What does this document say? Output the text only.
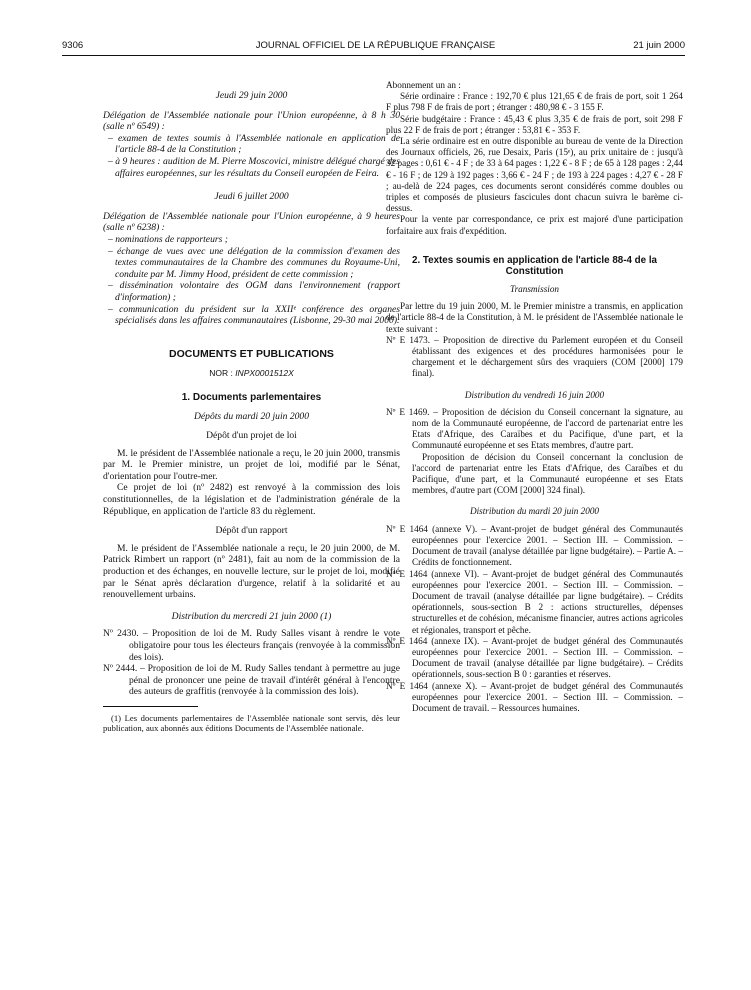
9306	JOURNAL OFFICIEL DE LA RÉPUBLIQUE FRANÇAISE	21 juin 2000

Jeudi 29 juin 2000

Délégation de l'Assemblée nationale pour l'Union européenne, à 8 h 30 (salle nº 6549) :

– examen de textes soumis à l'Assemblée nationale en application de l'article 88-4 de la Constitution ;

– à 9 heures : audition de M. Pierre Moscovici, ministre délégué chargé des affaires européennes, sur les résultats du Conseil européen de Feira.

Jeudi 6 juillet 2000

Délégation de l'Assemblée nationale pour l'Union européenne, à 9 heures (salle nº 6238) :

– nominations de rapporteurs ;

– échange de vues avec une délégation de la commission d'examen des textes communautaires de la Chambre des communes du Royaume-Uni, conduite par M. Jimmy Hood, président de cette commission ;

– dissémination volontaire des OGM dans l'environnement (rapport d'information) ;

– communication du président sur la XXIIᵉ conférence des organes spécialisés dans les affaires communautaires (Lisbonne, 29-30 mai 2000).

DOCUMENTS ET PUBLICATIONS

NOR : INPX0001512X

1. Documents parlementaires

Dépôts du mardi 20 juin 2000

Dépôt d'un projet de loi

M. le président de l'Assemblée nationale a reçu, le 20 juin 2000, transmis par M. le Premier ministre, un projet de loi, modifié par le Sénat, d'orientation pour l'outre-mer.

Ce projet de loi (nº 2482) est renvoyé à la commission des lois constitutionnelles, de la législation et de l'administration générale de la République, en application de l'article 83 du règlement.

Dépôt d'un rapport

M. le président de l'Assemblée nationale a reçu, le 20 juin 2000, de M. Patrick Rimbert un rapport (nº 2481), fait au nom de la commission de la production et des échanges, en nouvelle lecture, sur le projet de loi, modifié par le Sénat après déclaration d'urgence, relatif à la solidarité et au renouvellement urbains.

Distribution du mercredi 21 juin 2000 (1)

Nº 2430. – Proposition de loi de M. Rudy Salles visant à rendre le vote obligatoire pour tous les électeurs français (renvoyée à la commission des lois).

Nº 2444. – Proposition de loi de M. Rudy Salles tendant à permettre au juge pénal de prononcer une peine de travail d'intérêt général à l'encontre des auteurs de graffitis (renvoyée à la commission des lois).

(1) Les documents parlementaires de l'Assemblée nationale sont servis, dès leur publication, aux abonnés aux éditions Documents de l'Assemblée nationale.

Abonnement un an :

Série ordinaire : France : 192,70 € plus 121,65 € de frais de port, soit 1 264 F plus 798 F de frais de port ; étranger : 480,98 € - 3 155 F.

Série budgétaire : France : 45,43 € plus 3,35 € de frais de port, soit 298 F plus 22 F de frais de port ; étranger : 53,81 € - 353 F.

La série ordinaire est en outre disponible au bureau de vente de la Direction des Journaux officiels, 26, rue Desaix, Paris (15ᵉ), au prix unitaire de : jusqu'à 32 pages : 0,61 € - 4 F ; de 33 à 64 pages : 1,22 € - 8 F ; de 65 à 128 pages : 2,44 € - 16 F ; de 129 à 192 pages : 3,66 € - 24 F ; de 193 à 224 pages : 4,27 € - 28 F ; au-delà de 224 pages, ces documents seront considérés comme doubles ou triples et composés de plusieurs fascicules dont chacun suivra le barème ci-dessus.

Pour la vente par correspondance, ce prix est majoré d'une participation forfaitaire aux frais d'expédition.

2. Textes soumis en application de l'article 88-4 de la Constitution

Transmission

Par lettre du 19 juin 2000, M. le Premier ministre a transmis, en application de l'article 88-4 de la Constitution, à M. le président de l'Assemblée nationale le texte suivant :

Nº E 1473. – Proposition de directive du Parlement européen et du Conseil établissant des exigences et des procédures harmonisées pour le chargement et le déchargement sûrs des vraquiers (COM [2000] 179 final).

Distribution du vendredi 16 juin 2000

Nº E 1469. – Proposition de décision du Conseil concernant la signature, au nom de la Communauté européenne, de l'accord de partenariat entre les Etats d'Afrique, des Caraïbes et du Pacifique, d'une part, et la Communauté européenne et ses Etats membres, d'autre part.

Proposition de décision du Conseil concernant la conclusion de l'accord de partenariat entre les Etats d'Afrique, des Caraïbes et du Pacifique, d'une part, et la Communauté européenne et ses Etats membres, d'autre part (COM [2000] 324 final).

Distribution du mardi 20 juin 2000

Nº E 1464 (annexe V). – Avant-projet de budget général des Communautés européennes pour l'exercice 2001. – Section III. – Commission. – Document de travail (analyse détaillée par ligne budgétaire). – Partie A. – Crédits de fonctionnement.

Nº E 1464 (annexe VI). – Avant-projet de budget général des Communautés européennes pour l'exercice 2001. – Section III. – Commission. – Document de travail (analyse détaillée par ligne budgétaire). – Crédits opérationnels, sous-section B 2 : actions structurelles, dépenses structurelles et de cohésion, mécanisme financier, autres actions agricoles et régionales, transport et pêche.

Nº E 1464 (annexe IX). – Avant-projet de budget général des Communautés européennes pour l'exercice 2001. – Section III. – Commission. – Document de travail (analyse détaillée par ligne budgétaire). – Crédits opérationnels, sous-section B 0 : garanties et réserves.

Nº E 1464 (annexe X). – Avant-projet de budget général des Communautés européennes pour l'exercice 2001. – Section III. – Commission. – Document de travail. – Ressources humaines.
